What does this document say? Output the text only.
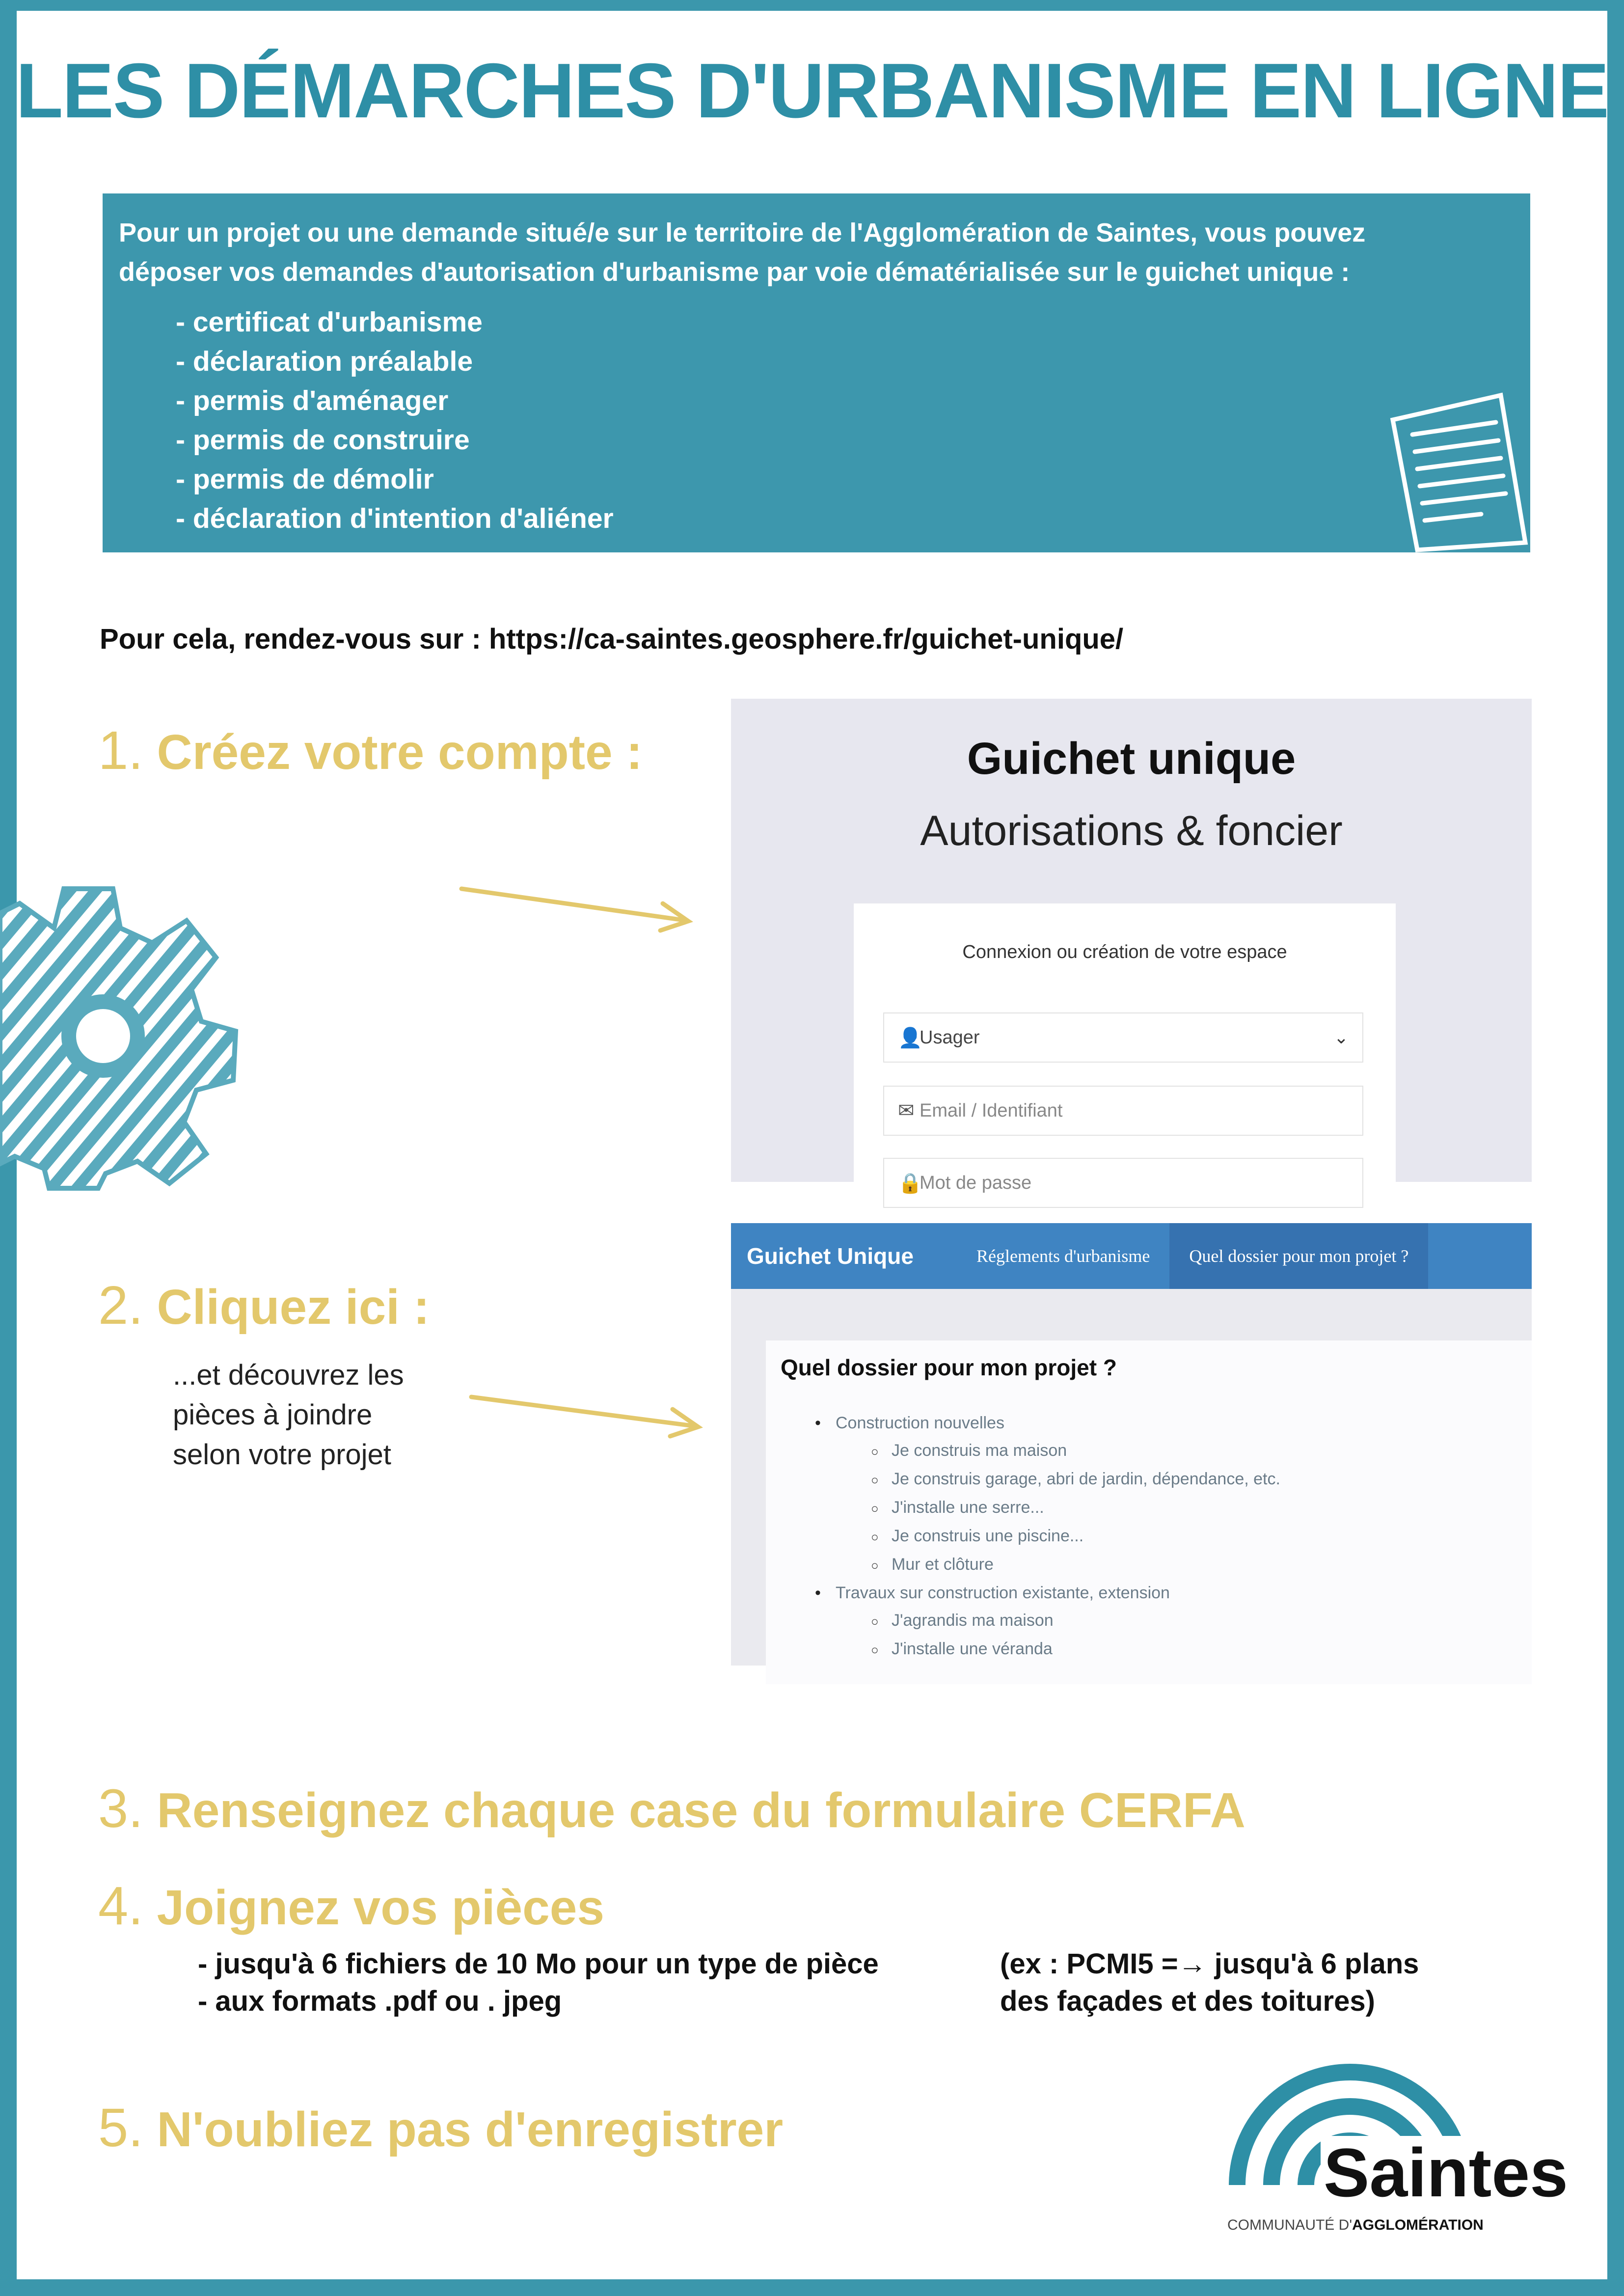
LES DÉMARCHES D'URBANISME EN LIGNE

Pour un projet ou une demande situé/e sur le territoire de l'Agglomération de Saintes, vous pouvez déposer vos demandes d'autorisation d'urbanisme par voie dématérialisée sur le guichet unique :

- certificat d'urbanisme
- déclaration préalable
- permis d'aménager
- permis de construire
- permis de démolir
- déclaration d'intention d'aliéner

Pour cela, rendez-vous sur : https://ca-saintes.geosphere.fr/guichet-unique/

1. Créez votre compte :	Guichet unique
Autorisations & foncier
Connexion ou création de votre espace
👤
Usager	⌄
✉ Email / Identifiant
🔒
Mot de passe
2. Cliquez ici :
...et découvrez les
pièces à joindre
selon votre projet
Guichet Unique	Réglements d'urbanisme	Quel dossier pour mon projet ?
Quel dossier pour mon projet ?
• Construction nouvelles
○ Je construis ma maison
○ Je construis garage, abri de jardin, dépendance, etc.
○ J'installe une serre...
○ Je construis une piscine...
○ Mur et clôture
• Travaux sur construction existante, extension
○ J'agrandis ma maison
○ J'installe une véranda
3. Renseignez chaque case du formulaire CERFA
4. Joignez vos pièces
- jusqu'à 6 fichiers de 10 Mo pour un type de pièce
- aux formats .pdf ou . jpeg
(ex : PCMI5 =→ jusqu'à 6 plans
des façades et des toitures)
5. N'oubliez pas d'enregistrer
Saintes
COMMUNAUTÉ D'AGGLOMÉRATION
